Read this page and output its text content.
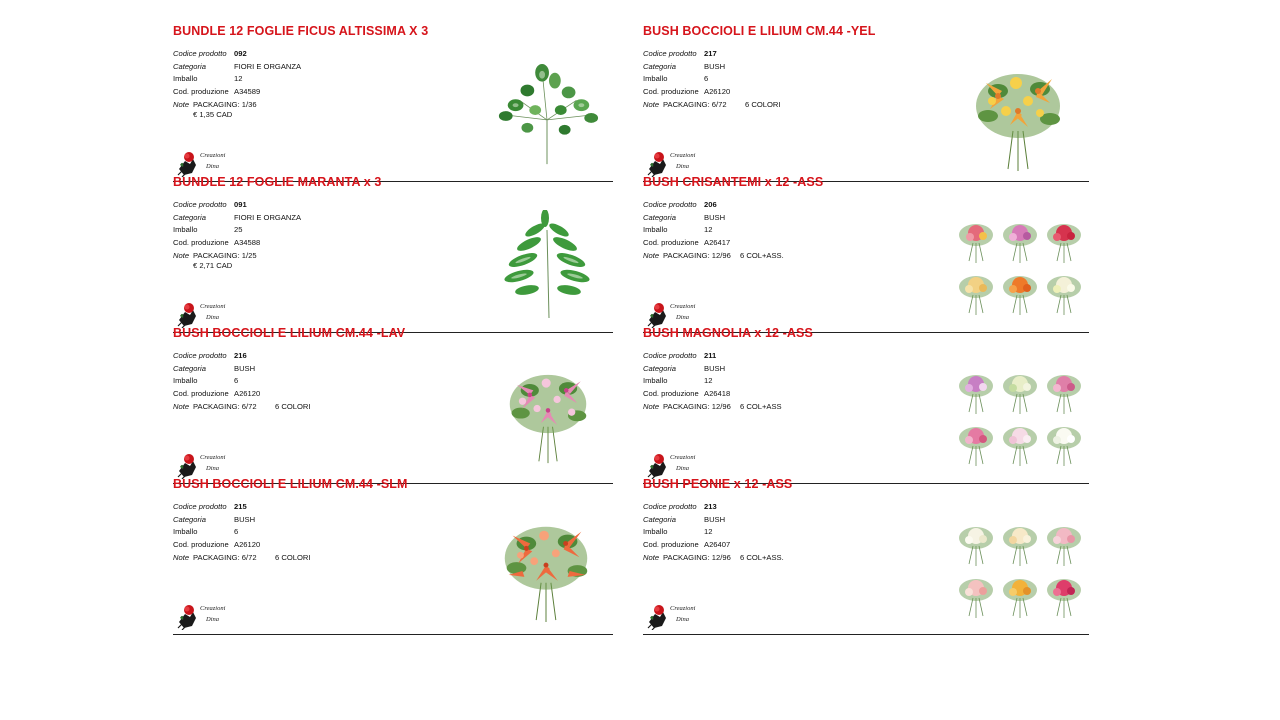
BUNDLE 12 FOGLIE FICUS ALTISSIMA X 3
Codice prodotto 092
Categoria	FIORI E ORGANZA
Imballo	12
Cod. produzione A34589
Note PACKAGING: 1/36
€ 1,35 CAD
Creazioni
Dina
BUSH BOCCIOLI E LILIUM CM.44 -YEL
Codice prodotto 217
Categoria	BUSH
Imballo	6
Cod. produzione A26120
Note PACKAGING: 6/72 6 COLORI
Creazioni
Dina
BUNDLE 12 FOGLIE MARANTA x 3
Codice prodotto 091
Categoria	FIORI E ORGANZA
Imballo	25
Cod. produzione A34588
Note PACKAGING: 1/25
€ 2,71 CAD
Creazioni
Dina
BUSH CRISANTEMI x 12 -ASS
Codice prodotto 206
Categoria	BUSH
Imballo	12
Cod. produzione A26417
Note PACKAGING: 12/96 6 COL+ASS.
Creazioni
Dina
BUSH BOCCIOLI E LILIUM CM.44 -LAV
Codice prodotto 216
Categoria	BUSH
Imballo	6
Cod. produzione A26120
Note PACKAGING: 6/72 6 COLORI
Creazioni
Dina
BUSH MAGNOLIA x 12 -ASS
Codice prodotto 211
Categoria	BUSH
Imballo	12
Cod. produzione A26418
Note PACKAGING: 12/96 6 COL+ASS
Creazioni
Dina
BUSH BOCCIOLI E LILIUM CM.44 -SLM
Codice prodotto 215
Categoria	BUSH
Imballo	6
Cod. produzione A26120
Note PACKAGING: 6/72 6 COLORI
Creazioni
Dina
BUSH PEONIE x 12 -ASS
Codice prodotto 213
Categoria	BUSH
Imballo	12
Cod. produzione A26407
Note PACKAGING: 12/96 6 COL+ASS.
Creazioni
Dina
